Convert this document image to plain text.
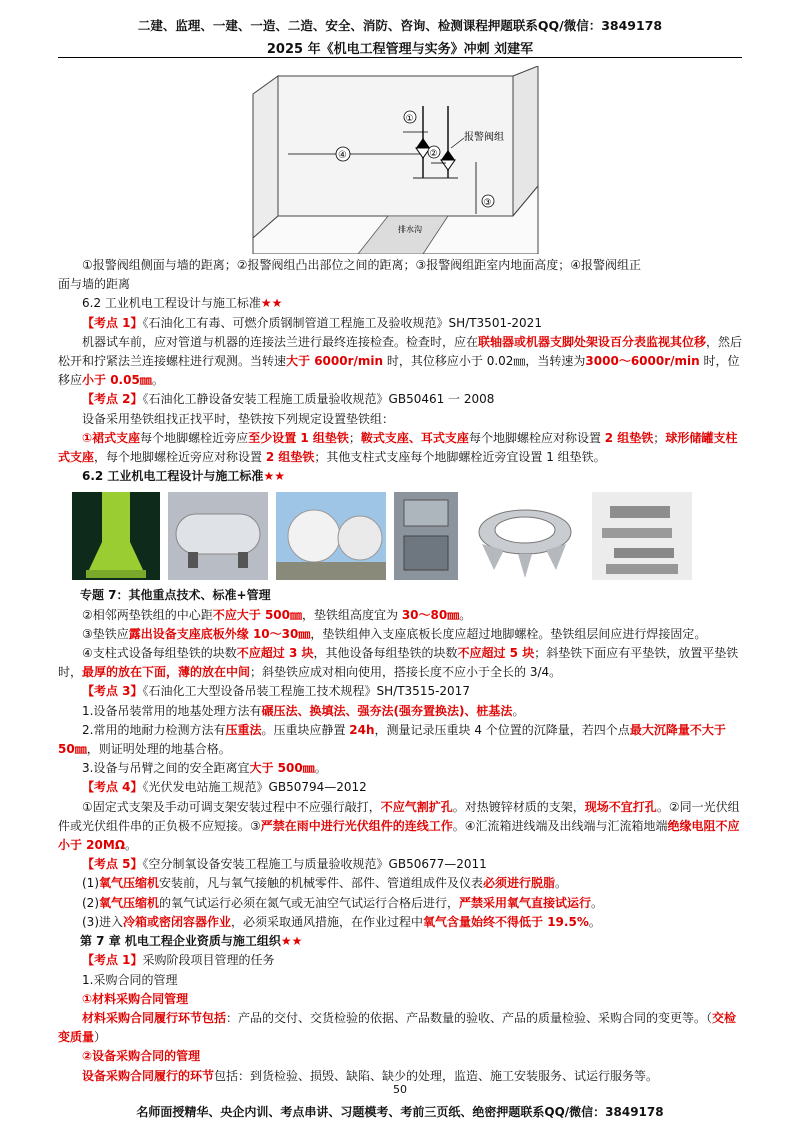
二建、监理、一建、一造、二造、安全、消防、咨询、检测课程押题联系QQ/微信：3849178
2025 年《机电工程管理与实务》冲刺 刘建军
排水沟
①
②
③
④
报警阀组

①报警阀组侧面与墙的距离；②报警阀组凸出部位之间的距离；③报警阀组距室内地面高度；④报警阀组正

面与墙的距离

6.2 工业机电工程设计与施工标准★★

【考点 1】《石油化工有毒、可燃介质钢制管道工程施工及验收规范》SH/T3501-2021

机器试车前，应对管道与机器的连接法兰进行最终连接检查。检查时，应在联轴器或机器支脚处架设百分表监视其位移，然后松开和拧紧法兰连接螺柱进行观测。当转速大于 6000r/min 时，其位移应小于 0.02㎜，当转速为3000～6000r/min 时，位移应小于 0.05㎜。

【考点 2】《石油化工静设备安装工程施工质量验收规范》GB50461 一 2008

设备采用垫铁组找正找平时，垫铁按下列规定设置垫铁组：

①裙式支座每个地脚螺栓近旁应至少设置 1 组垫铁；鞍式支座、耳式支座每个地脚螺栓应对称设置 2 组垫铁；球形储罐支柱式支座，每个地脚螺栓近旁应对称设置 2 组垫铁；其他支柱式支座每个地脚螺栓近旁宜设置 1 组垫铁。

6.2 工业机电工程设计与施工标准★★

专题 7：其他重点技术、标准+管理

②相邻两垫铁组的中心距不应大于 500㎜，垫铁组高度宜为 30～80㎜。

③垫铁应露出设备支座底板外缘 10～30㎜，垫铁组伸入支座底板长度应超过地脚螺栓。垫铁组层间应进行焊接固定。

④支柱式设备每组垫铁的块数不应超过 3 块，其他设备每组垫铁的块数不应超过 5 块；斜垫铁下面应有平垫铁，放置平垫铁时，最厚的放在下面，薄的放在中间；斜垫铁应成对相向使用，搭接长度不应小于全长的 3/4。

【考点 3】《石油化工大型设备吊装工程施工技术规程》SH/T3515-2017

1.设备吊装常用的地基处理方法有碾压法、换填法、强夯法(强夯置换法)、桩基法。

2.常用的地耐力检测方法有压重法。压重块应静置 24h，测量记录压重块 4 个位置的沉降量，若四个点最大沉降量不大于 50㎜，则证明处理的地基合格。

3.设备与吊臂之间的安全距离宜大于 500㎜。

【考点 4】《光伏发电站施工规范》GB50794—2012

①固定式支架及手动可调支架安装过程中不应强行敲打，不应气割扩孔。对热镀锌材质的支架，现场不宜打孔。②同一光伏组件或光伏组件串的正负极不应短接。③严禁在雨中进行光伏组件的连线工作。④汇流箱进线端及出线端与汇流箱地端绝缘电阻不应小于 20MΩ。

【考点 5】《空分制氧设备安装工程施工与质量验收规范》GB50677—2011

(1)氧气压缩机安装前，凡与氧气接触的机械零件、部件、管道组成件及仪表必须进行脱脂。

(2)氧气压缩机的氧气试运行必须在氮气或无油空气试运行合格后进行，严禁采用氧气直接试运行。

(3)进入冷箱或密闭容器作业，必须采取通风措施，在作业过程中氧气含量始终不得低于 19.5%。

第 7 章 机电工程企业资质与施工组织★★

【考点 1】采购阶段项目管理的任务

1.采购合同的管理

①材料采购合同管理

材料采购合同履行环节包括：产品的交付、交货检验的依据、产品数量的验收、产品的质量检验、采购合同的变更等。（交检变质量）

②设备采购合同的管理

设备采购合同履行的环节包括：到货检验、损毁、缺陷、缺少的处理，监造、施工安装服务、试运行服务等。

50
名师面授精华、央企内训、考点串讲、习题模考、考前三页纸、绝密押题联系QQ/微信：3849178
